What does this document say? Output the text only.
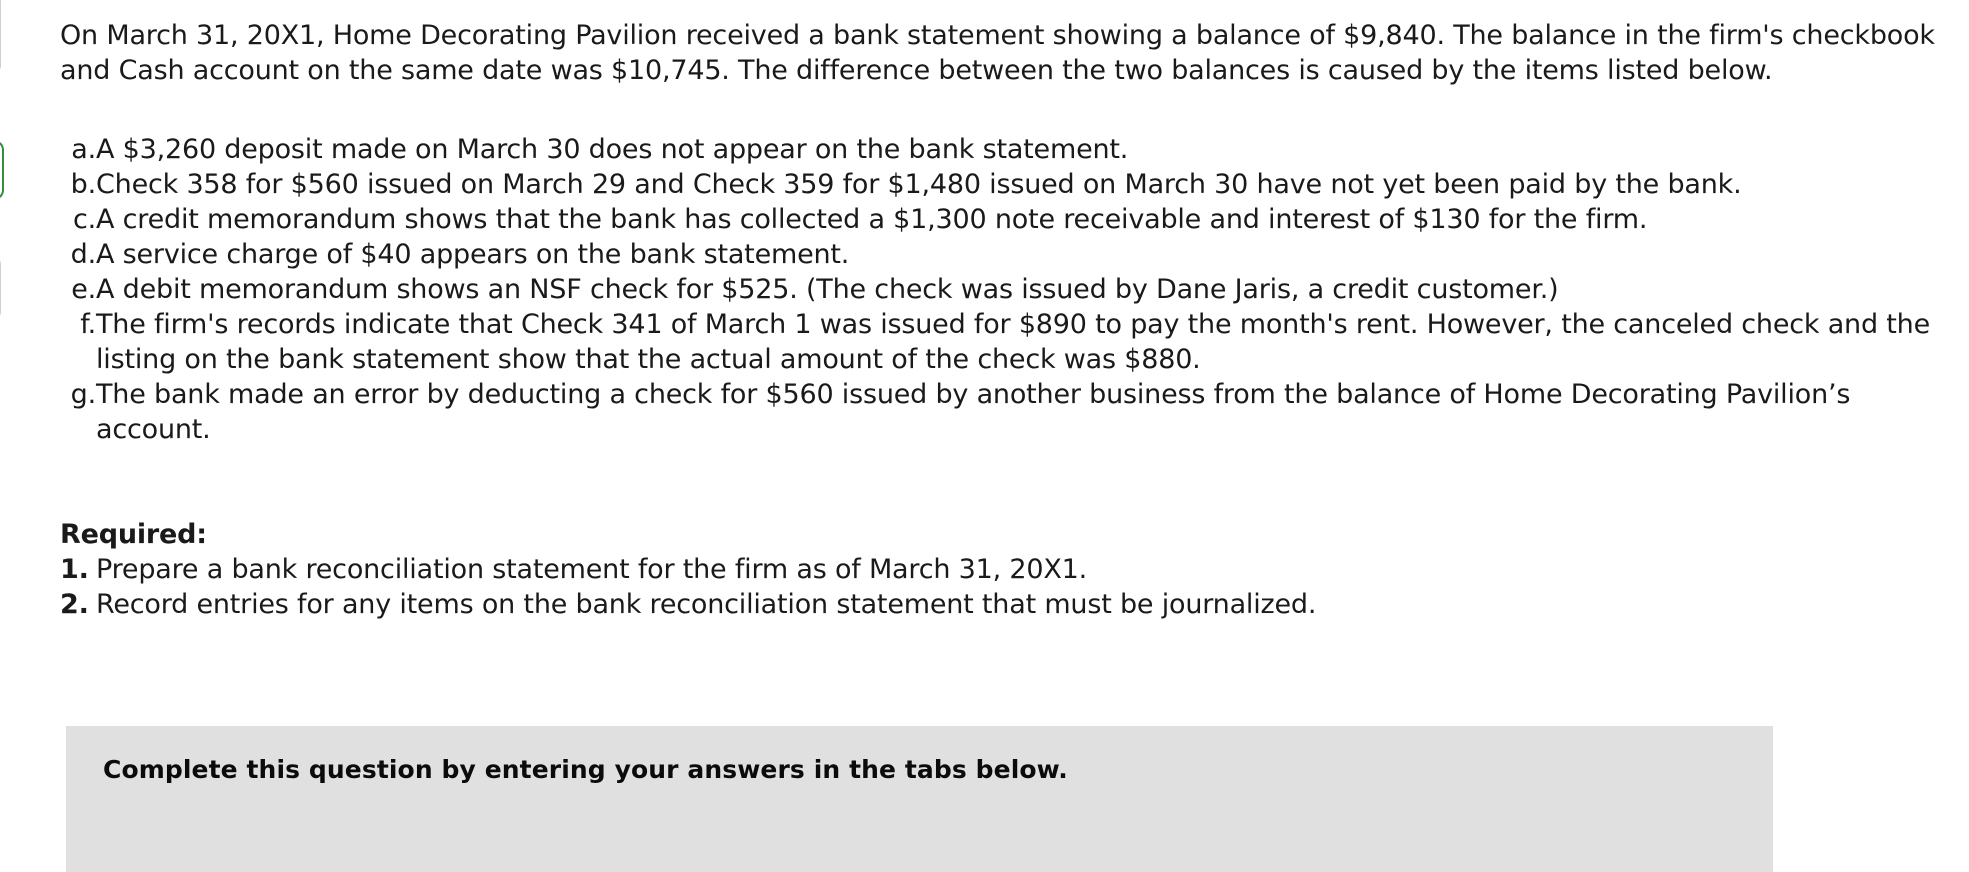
On March 31, 20X1, Home Decorating Pavilion received a bank statement showing a balance of $9,840. The balance in the firm's checkbook and Cash account on the same date was $10,745. The difference between the two balances is caused by the items listed below.

a. A $3,260 deposit made on March 30 does not appear on the bank statement.
b. Check 358 for $560 issued on March 29 and Check 359 for $1,480 issued on March 30 have not yet been paid by the bank.
c. A credit memorandum shows that the bank has collected a $1,300 note receivable and interest of $130 for the firm.
d. A service charge of $40 appears on the bank statement.
e. A debit memorandum shows an NSF check for $525. (The check was issued by Dane Jaris, a credit customer.)
f. The firm's records indicate that Check 341 of March 1 was issued for $890 to pay the month's rent. However, the canceled check and the listing on the bank statement show that the actual amount of the check was $880.
g. The bank made an error by deducting a check for $560 issued by another business from the balance of Home Decorating Pavilion’s account.
Required:
1. Prepare a bank reconciliation statement for the firm as of March 31, 20X1.
2. Record entries for any items on the bank reconciliation statement that must be journalized.
Complete this question by entering your answers in the tabs below.
